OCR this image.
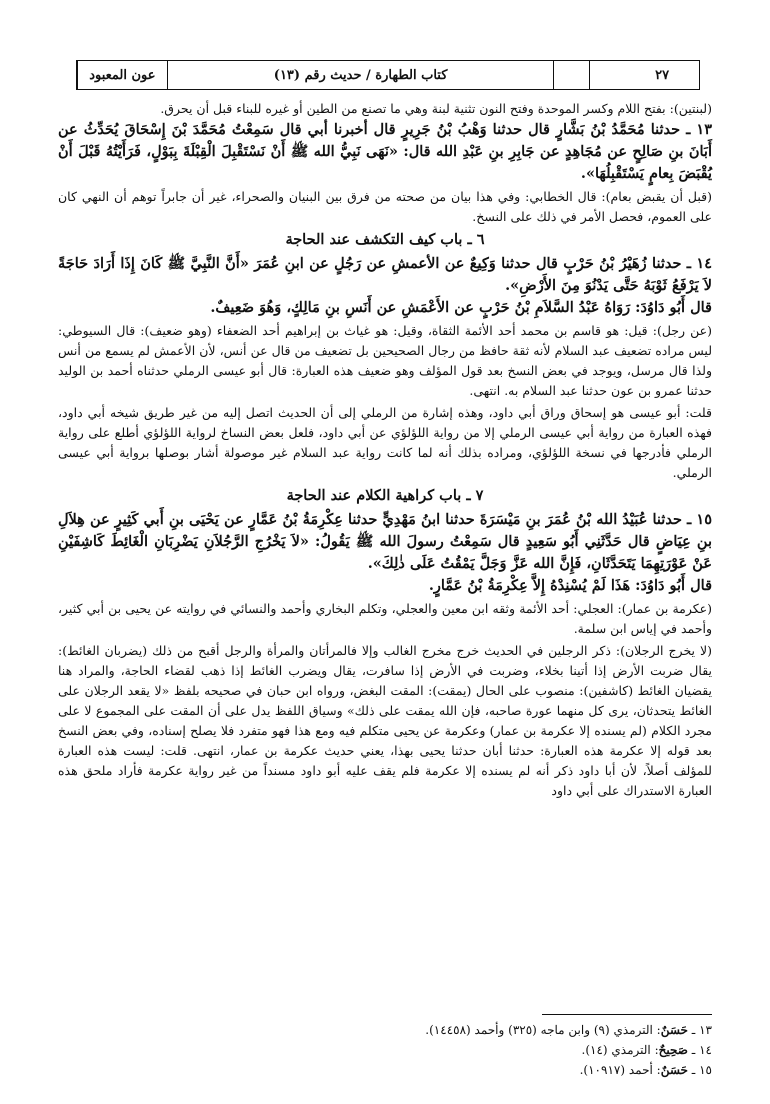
عون المعبود	كتاب الطهارة / حديث رقم (١٣)	٢٧

(لبنتين): بفتح اللام وكسر الموحدة وفتح النون تثنية لبنة وهي ما تصنع من الطين أو غيره للبناء قبل أن يحرق.

١٣ ـ حدثنا مُحَمَّدُ بْنُ بَشَّارٍ قال حدثنا وَهْبُ بْنُ جَرِيرٍ قال أخبرنا أبي قال سَمِعْتُ مُحَمَّدَ بْنَ إِسْحَاقَ يُحَدِّثُ عن أَبَانَ بنِ صَالِحٍ عن مُجَاهِدٍ عن جَابِرِ بنِ عَبْدِ الله قال: «نَهَى نَبِيُّ الله ﷺ أَنْ نَسْتَقْبِلَ الْقِبْلَةَ بِبَوْلٍ، فَرَأَيْتُهُ قَبْلَ أَنْ يُقْبَضَ بِعامٍ يَسْتَقْبِلُهَا».

(قبل أن يقبض بعام): قال الخطابي: وفي هذا بيان من صحته من فرق بين البنيان والصحراء، غير أن جابراً توهم أن النهي كان على العموم، فحصل الأمر في ذلك على النسخ.

٦ ـ باب كيف التكشف عند الحاجة

١٤ ـ حدثنا زُهَيْرُ بْنُ حَرْبٍ قال حدثنا وَكِيعٌ عن الأعمشِ عن رَجُلٍ عن ابنِ عُمَرَ «أَنَّ النَّبِيَّ ﷺ كَانَ إِذَا أَرَادَ حَاجَةً لاَ يَرْفَعُ ثَوْبَهُ حَتَّى يَدْنُوَ مِنَ الأَرْضِ».

قال أَبُو دَاوُدَ: رَوَاهُ عَبْدُ السَّلاَمِ بْنُ حَرْبٍ عن الأَعْمَشِ عن أَنَسِ بنِ مَالِكٍ، وَهُوَ ضَعِيفٌ.

(عن رجل): قيل: هو قاسم بن محمد أحد الأئمة الثقاة، وقيل: هو غياث بن إبراهيم أحد الضعفاء (وهو ضعيف): قال السيوطي: ليس مراده تضعيف عبد السلام لأنه ثقة حافظ من رجال الصحيحين بل تضعيف من قال عن أنس، لأن الأعمش لم يسمع من أنس ولذا قال مرسل، ويوجد في بعض النسخ بعد قول المؤلف وهو ضعيف هذه العبارة: قال أبو عيسى الرملي حدثناه أحمد بن الوليد حدثنا عمرو بن عون حدثنا عبد السلام به. انتهى.

قلت: أبو عيسى هو إسحاق وراق أبي داود، وهذه إشارة من الرملي إلى أن الحديث اتصل إليه من غير طريق شيخه أبي داود، فهذه العبارة من رواية أبي عيسى الرملي إلا من رواية اللؤلؤي عن أبي داود، فلعل بعض النساخ لرواية اللؤلؤي أطلع على رواية الرملي فأدرجها في نسخة اللؤلؤي، ومراده بذلك أنه لما كانت رواية عبد السلام غير موصولة أشار بوصلها برواية أبي عيسى الرملي.

٧ ـ باب كراهية الكلام عند الحاجة

١٥ ـ حدثنا عُبَيْدُ الله بْنُ عُمَرَ بنِ مَيْسَرَةَ حدثنا ابنُ مَهْدِيٍّ حدثنا عِكْرِمَةُ بْنُ عَمَّارٍ عن يَحْيَى بنِ أَبي كَثِيرٍ عن هِلاَلِ بنِ عِيَاضٍ قال حَدَّثَنِي أَبُو سَعِيدٍ قال سَمِعْتُ رسولَ الله ﷺ يَقُولُ: «لاَ يَخْرُجِ الرَّجُلاَنِ يَضْرِبَانِ الْغَائِطَ كَاشِفَيْنِ عَنْ عَوْرَتِهِمَا يَتَحَدَّثَانِ، فَإِنَّ الله عَزَّ وَجَلَّ يَمْقُتُ عَلَى ذٰلِكَ».

قال أَبُو دَاوُدَ: هَذَا لَمْ يُسْنِدْهُ إِلاَّ عِكْرِمَةُ بْنُ عَمَّارٍ.

(عكرمة بن عمار): العجلي: أحد الأئمة وثقه ابن معين والعجلي، وتكلم البخاري وأحمد والنسائي في روايته عن يحيى بن أبي كثير، وأحمد في إياس ابن سلمة.

(لا يخرج الرجلان): ذكر الرجلين في الحديث خرج مخرج الغالب وإلا فالمرأتان والمرأة والرجل أقبح من ذلك (يضربان الغائط): يقال ضربت الأرض إذا أتينا بخلاء، وضربت في الأرض إذا سافرت، يقال ويضرب الغائط إذا ذهب لقضاء الحاجة، والمراد هنا يقضيان الغائط (كاشفين): منصوب على الحال (يمقت): المقت البغض، ورواه ابن حبان في صحيحه بلفظ «لا يقعد الرجلان على الغائط يتحدثان، يرى كل منهما عورة صاحبه، فإن الله يمقت على ذلك» وسياق اللفظ يدل على أن المقت على المجموع لا على مجرد الكلام (لم يسنده إلا عكرمة بن عمار) وعكرمة عن يحيى متكلم فيه ومع هذا فهو متفرد فلا يصلح إسناده، وفي بعض النسخ بعد قوله إلا عكرمة هذه العبارة: حدثنا أبان حدثنا يحيى بهذا، يعني حديث عكرمة بن عمار، انتهى. قلت: ليست هذه العبارة للمؤلف أصلاً، لأن أبا داود ذكر أنه لم يسنده إلا عكرمة فلم يقف عليه أبو داود مسنداً من غير رواية عكرمة فأراد ملحق هذه العبارة الاستدراك على أبي داود

١٣ ـ حَسَنٌ: الترمذي (٩) وابن ماجه (٣٢٥) وأحمد (١٤٤٥٨).

١٤ ـ صَحِيحٌ: الترمذي (١٤).

١٥ ـ حَسَنٌ: أحمد (١٠٩١٧).
